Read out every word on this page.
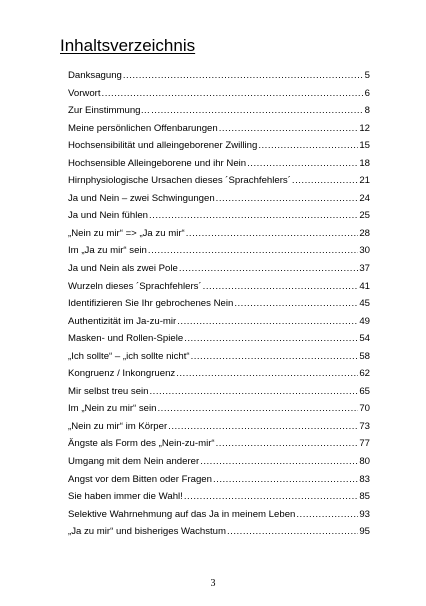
Inhaltsverzeichnis
Danksagung .....	5
Vorwort .....	6
Zur Einstimmung… .....	8
Meine persönlichen Offenbarungen .....	12
Hochsensibilität und alleingeborener Zwilling .....	15
Hochsensible Alleingeborene und ihr Nein .....	18
Hirnphysiologische Ursachen dieses ´Sprachfehlers´ .....	21
Ja und Nein – zwei Schwingungen .....	24
Ja und Nein fühlen .....	25
„Nein zu mir“ => „Ja zu mir“ .....	28
Im „Ja zu mir“ sein .....	30
Ja und Nein als zwei Pole .....	37
Wurzeln dieses ´Sprachfehlers´ .....	41
Identifizieren Sie Ihr gebrochenes Nein .....	45
Authentizität im Ja-zu-mir .....	49
Masken- und Rollen-Spiele .....	54
„Ich sollte“ – „ich sollte nicht“ .....	58
Kongruenz / Inkongruenz .....	62
Mir selbst treu sein .....	65
Im „Nein zu mir“ sein .....	70
„Nein zu mir“ im Körper .....	73
Ängste als Form des „Nein-zu-mir“ .....	77
Umgang mit dem Nein anderer .....	80
Angst vor dem Bitten oder Fragen .....	83
Sie haben immer die Wahl! .....	85
Selektive Wahrnehmung auf das Ja in meinem Leben .....	93
„Ja zu mir“ und bisheriges Wachstum .....	95
3
